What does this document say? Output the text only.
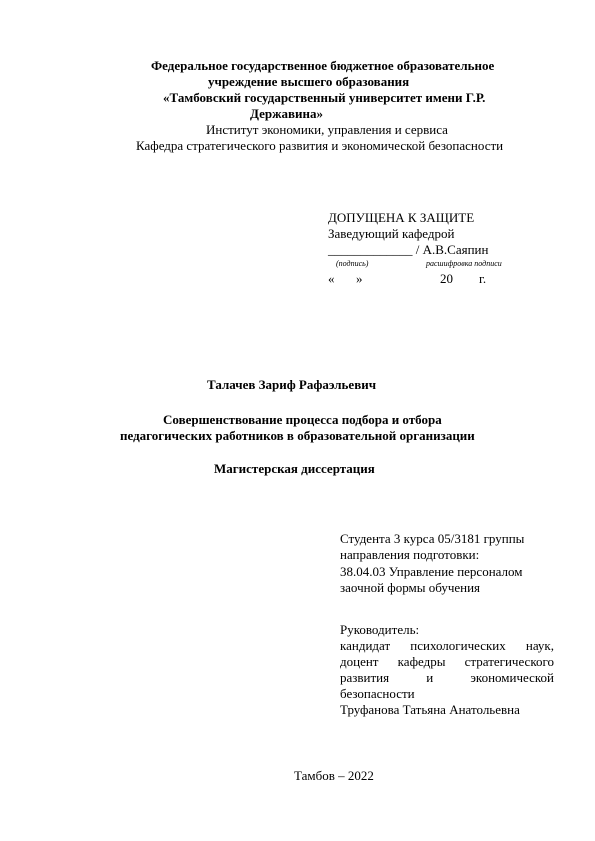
Федеральное государственное бюджетное образовательное
учреждение высшего образования
«Тамбовский государственный университет имени Г.Р.
Державина»
Институт экономики, управления и сервиса
Кафедра стратегического развития и экономической безопасности
ДОПУЩЕНА К ЗАЩИТЕ
Заведующий кафедрой
_____________ / А.В.Саяпин
(подпись)	расшифровка подписи
« »	20 г.
Талачев Зариф Рафаэльевич
Совершенствование процесса подбора и отбора
педагогических работников в образовательной организации
Магистерская диссертация
Студента 3 курса 05/3181 группы
направления подготовки:
38.04.03 Управление персоналом
заочной формы обучения
Руководитель:
кандидат психологических наук, доцент кафедры стратегического развития и экономической безопасности
Труфанова Татьяна Анатольевна
Тамбов – 2022
